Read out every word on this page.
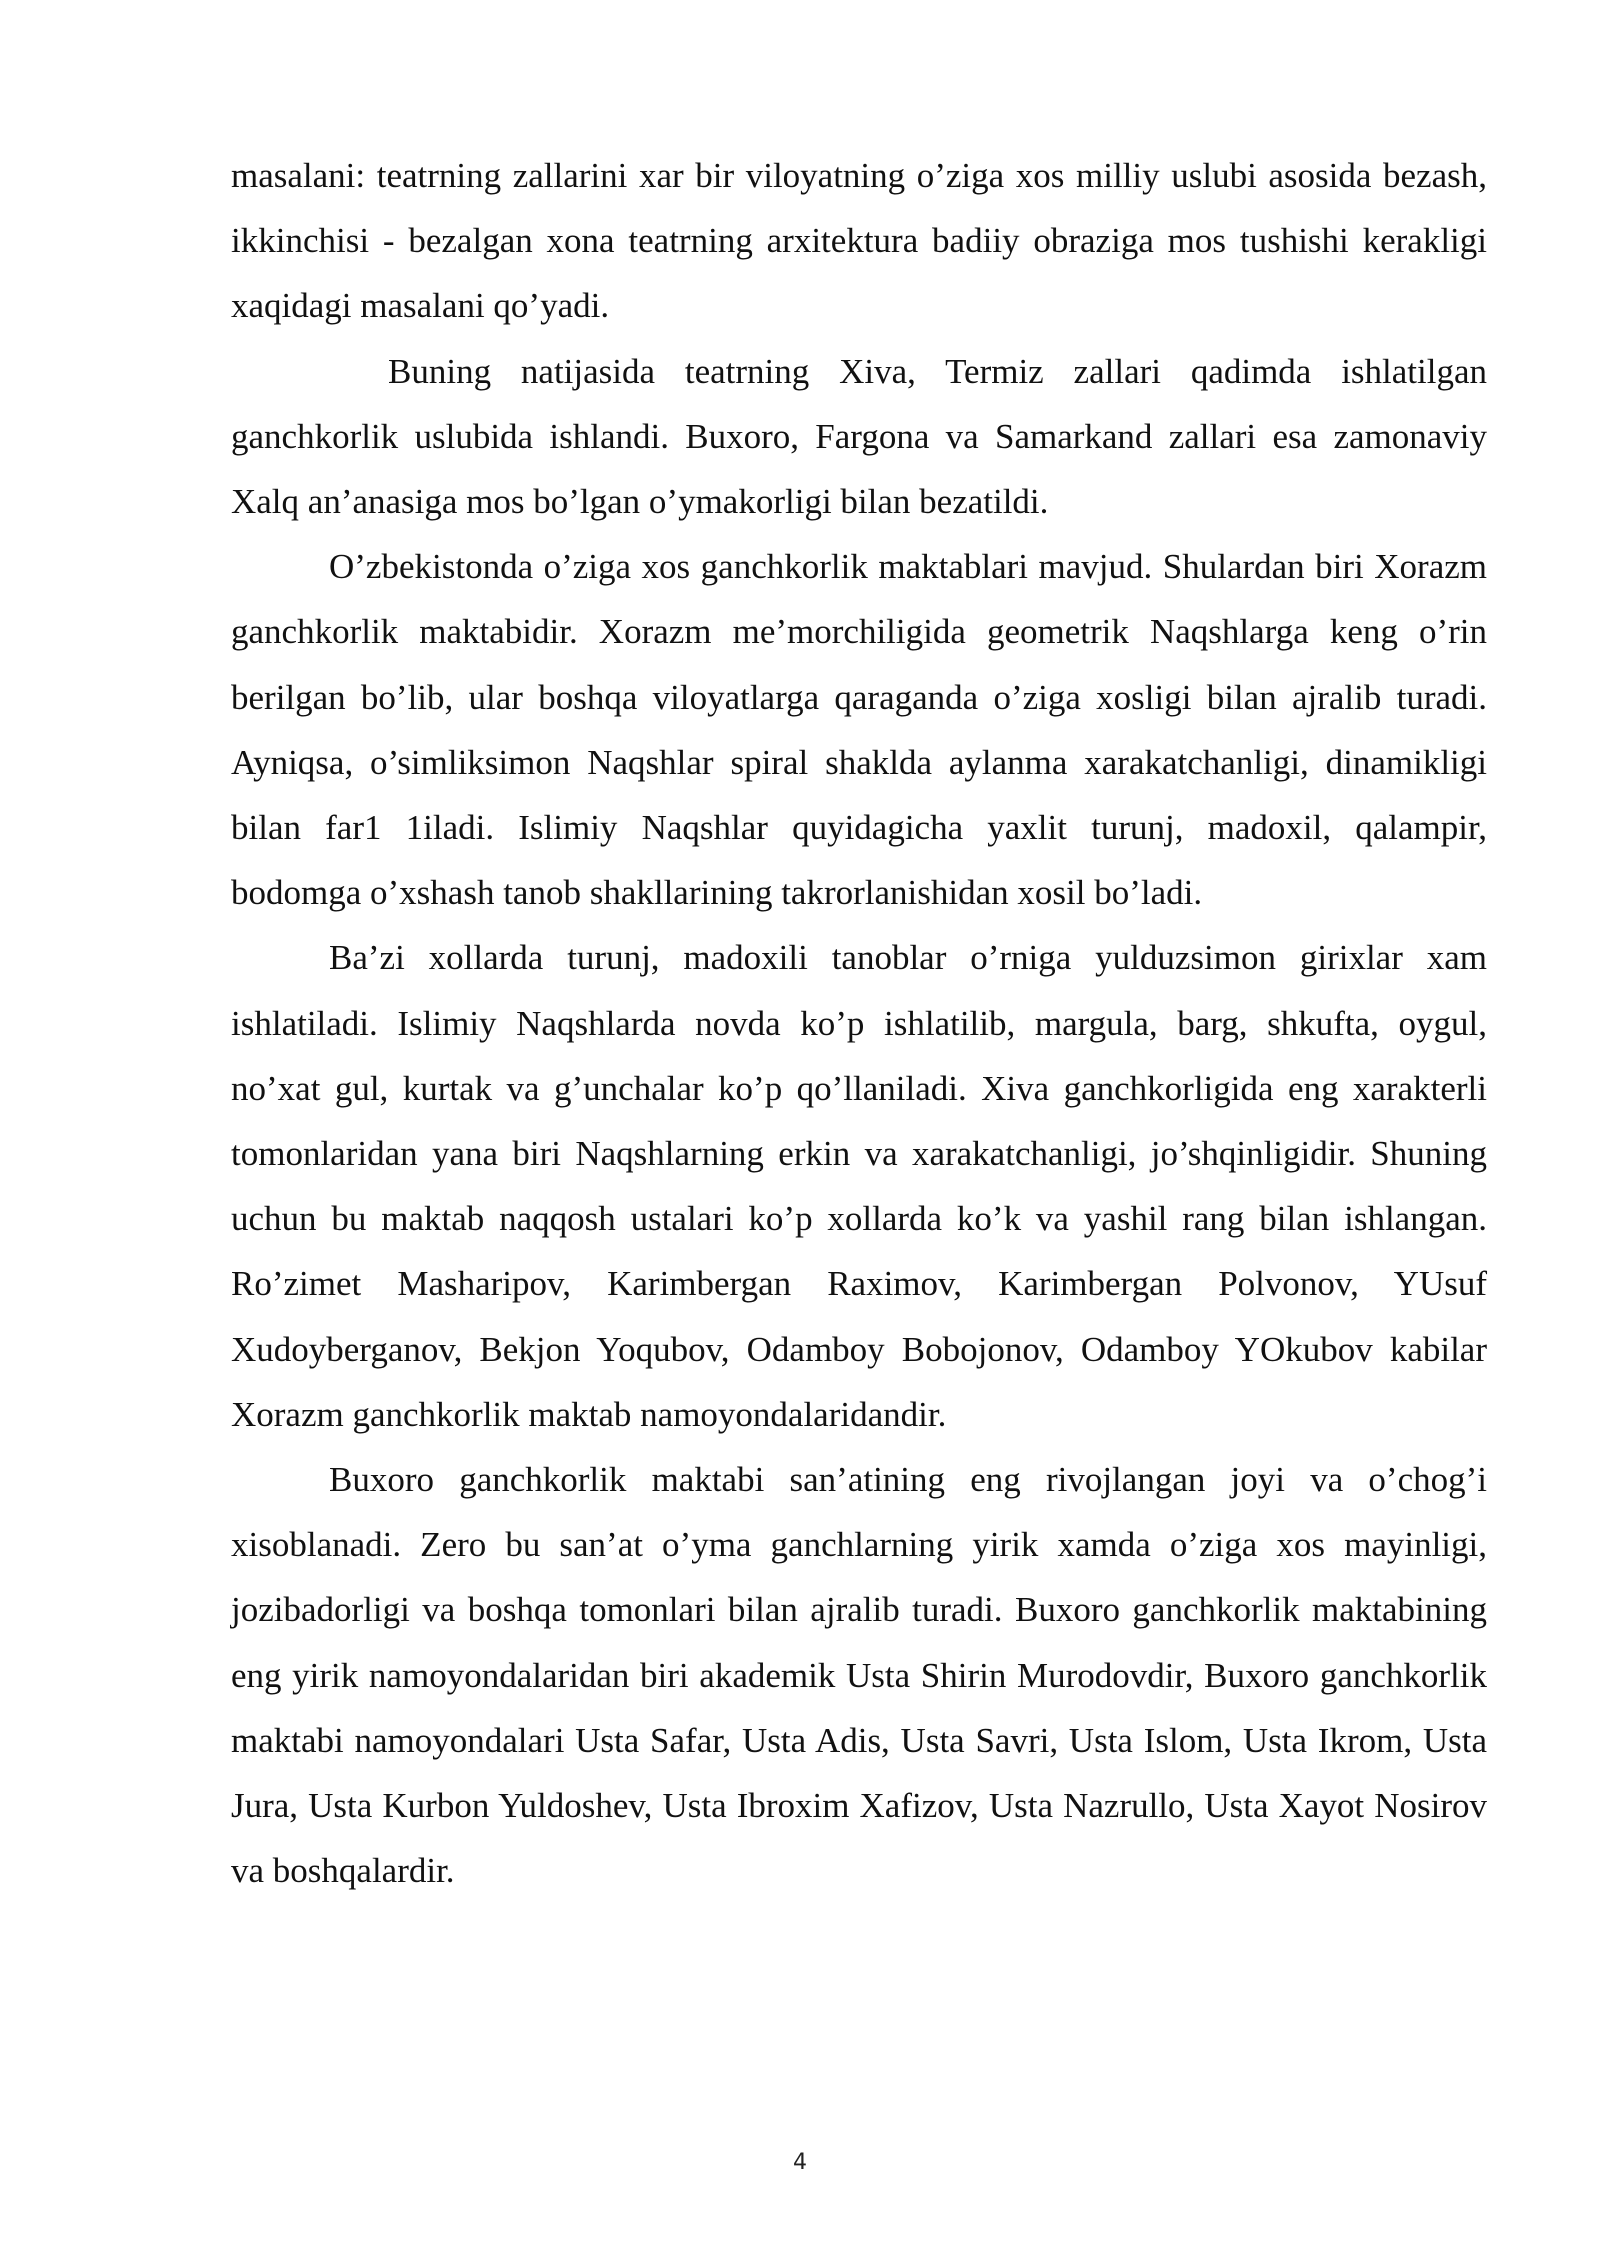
masalani: teatrning zallarini xar bir viloyatning o’ziga xos milliy uslubi asosida bezash, ikkinchisi - bezalgan xona teatrning arxitektura badiiy obraziga mos tushishi kerakligi xaqidagi masalani qo’yadi.

Buning natijasida teatrning Xiva, Termiz zallari qadimda ishlatilgan ganchkorlik uslubida ishlandi. Buxoro, Fargona va Samarkand zallari esa zamonaviy Xalq an’anasiga mos bo’lgan o’ymakorligi bilan bezatildi.

O’zbekistonda o’ziga xos ganchkorlik maktablari mavjud. Shulardan biri Xorazm ganchkorlik maktabidir. Xorazm me’morchiligida geometrik Naqshlarga keng o’rin berilgan bo’lib, ular boshqa viloyatlarga qaraganda o’ziga xosligi bilan ajralib turadi. Ayniqsa, o’simliksimon Naqshlar spiral shaklda aylanma xarakatchanligi, dinamikligi bilan far1 1iladi. Islimiy Naqshlar quyidagicha yaxlit turunj, madoxil, qalampir, bodomga o’xshash tanob shakllarining takrorlanishidan xosil bo’ladi.

Ba’zi xollarda turunj, madoxili tanoblar o’rniga yulduzsimon girixlar xam ishlatiladi. Islimiy Naqshlarda novda ko’p ishlatilib, margula, barg, shkufta, oygul, no’xat gul, kurtak va g’unchalar ko’p qo’llaniladi. Xiva ganchkorligida eng xarakterli tomonlaridan yana biri Naqshlarning erkin va xarakatchanligi, jo’shqinligidir. Shuning uchun bu maktab naqqosh ustalari ko’p xollarda ko’k va yashil rang bilan ishlangan. Ro’zimet Masharipov, Karimbergan Raximov, Karimbergan Polvonov, YUsuf Xudoyberganov, Bekjon Yoqubov, Odamboy Bobojonov, Odamboy YOkubov kabilar Xorazm ganchkorlik maktab namoyondalaridandir.

Buxoro ganchkorlik maktabi san’atining eng rivojlangan joyi va o’chog’i xisoblanadi. Zero bu san’at o’yma ganchlarning yirik xamda o’ziga xos mayinligi, jozibadorligi va boshqa tomonlari bilan ajralib turadi. Buxoro ganchkorlik maktabining eng yirik namoyondalaridan biri akademik Usta Shirin Murodovdir, Buxoro ganchkorlik maktabi namoyondalari Usta Safar, Usta Adis, Usta Savri, Usta Islom, Usta Ikrom, Usta Jura, Usta Kurbon Yuldoshev, Usta Ibroxim Xafizov, Usta Nazrullo, Usta Xayot Nosirov va boshqalardir.

4
